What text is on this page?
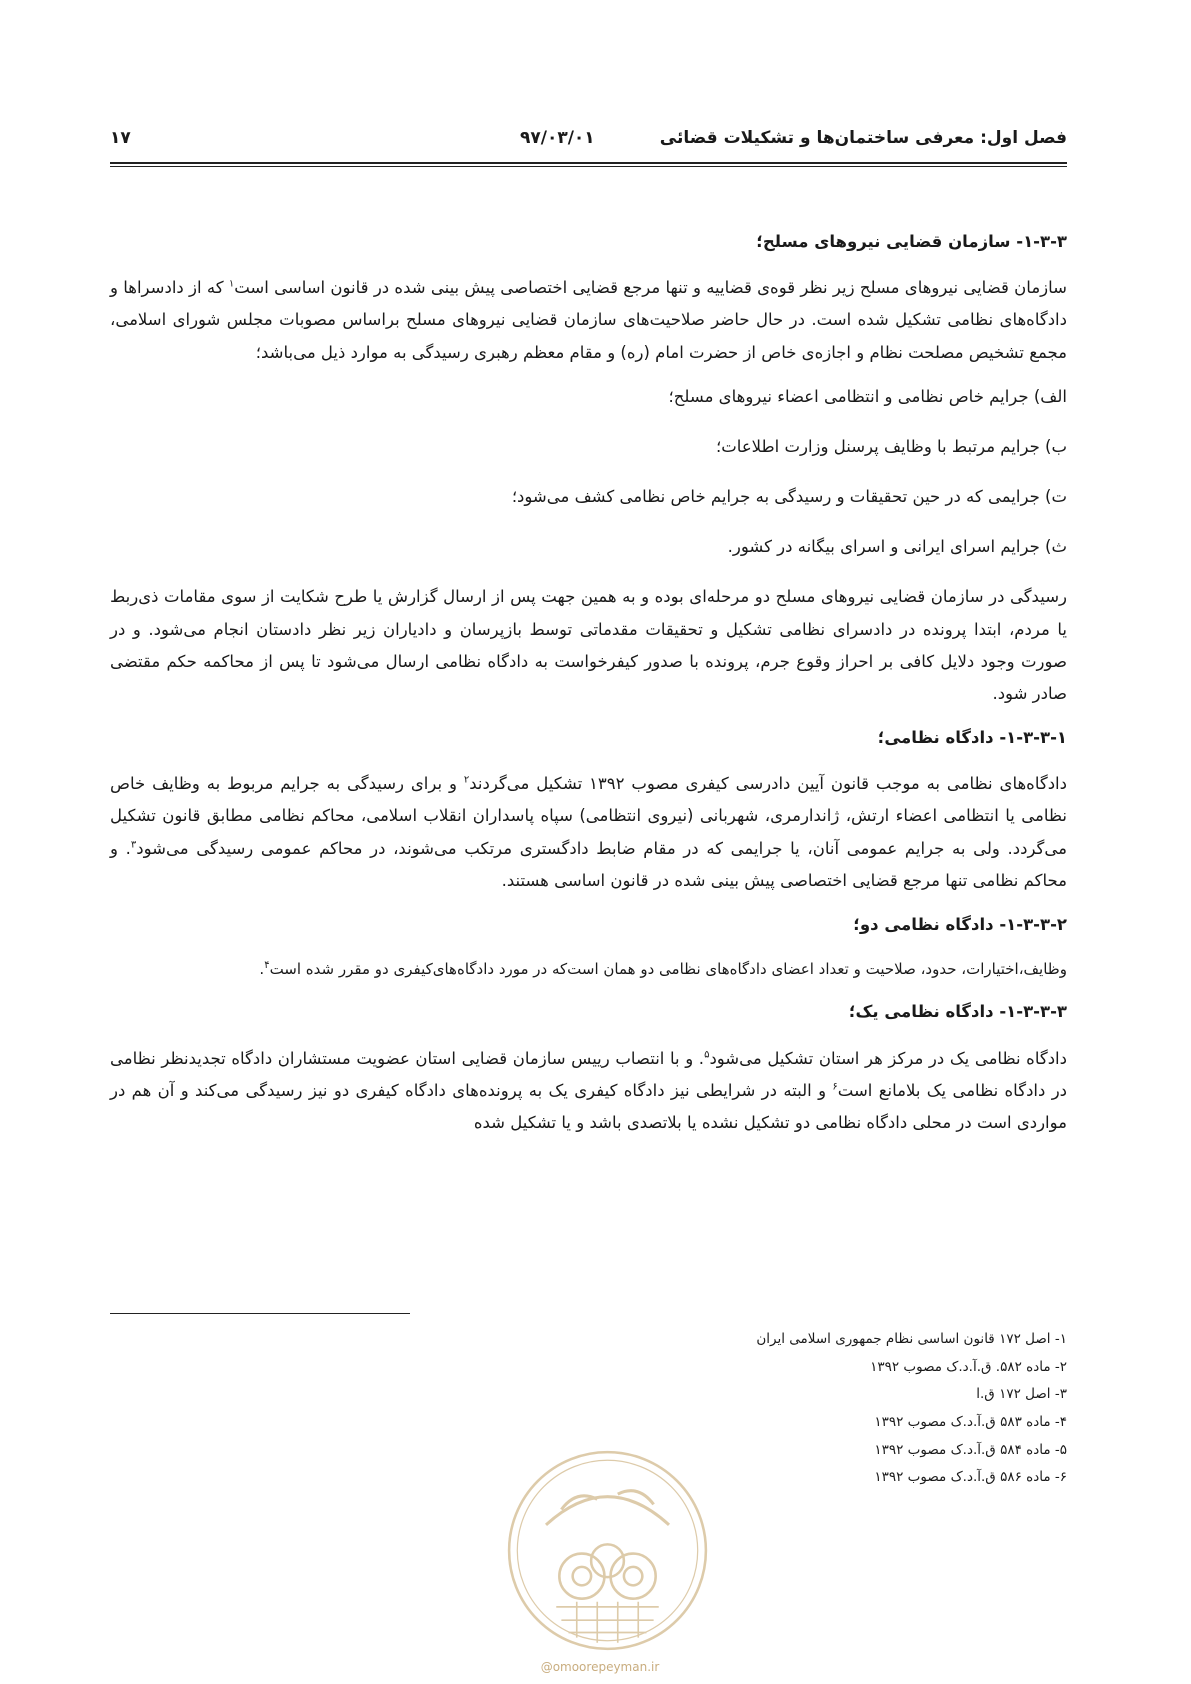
فصل اول: معرفی ساختمان‌ها و تشکیلات قضائی
۹۷/۰۳/۰۱
۱۷

۱-۳-۳- سازمان قضایی نیروهای مسلح؛

سازمان قضایی نیروهای مسلح زیر نظر قوه‌ی قضاییه و تنها مرجع قضایی اختصاصی پیش بینی شده در قانون اساسی است$^۱$ که از دادسراها و دادگاه‌های نظامی تشکیل شده است. در حال حاضر صلاحیت‌های سازمان قضایی نیروهای مسلح براساس مصوبات مجلس شورای اسلامی، مجمع تشخیص مصلحت نظام و اجازه‌ی خاص از حضرت امام (ره) و مقام معظم رهبری رسیدگی به موارد ذیل می‌باشد؛

الف) جرایم خاص نظامی و انتظامی اعضاء نیروهای مسلح؛

ب) جرایم مرتبط با وظایف پرسنل وزارت اطلاعات؛

ت) جرایمی که در حین تحقیقات و رسیدگی به جرایم خاص نظامی کشف می‌شود؛

ث) جرایم اسرای ایرانی و اسرای بیگانه در کشور.

رسیدگی در سازمان قضایی نیروهای مسلح دو مرحله‌ای بوده و به همین جهت پس از ارسال گزارش یا طرح شکایت از سوی مقامات ذی‌ربط یا مردم، ابتدا پرونده در دادسرای نظامی تشکیل و تحقیقات مقدماتی توسط بازپرسان و دادیاران زیر نظر دادستان انجام می‌شود. و در صورت وجود دلایل کافی بر احراز وقوع جرم، پرونده با صدور کیفرخواست به دادگاه نظامی ارسال می‌شود تا پس از محاکمه حکم مقتضی صادر شود.

۱-۳-۳-۱- دادگاه نظامی؛

دادگاه‌های نظامی به موجب قانون آیین دادرسی کیفری مصوب ۱۳۹۲ تشکیل می‌گردند$^۲$ و برای رسیدگی به جرایم مربوط به وظایف خاص نظامی یا انتظامی اعضاء ارتش، ژاندارمری، شهربانی (نیروی انتظامی) سپاه پاسداران انقلاب اسلامی، محاکم نظامی مطابق قانون تشکیل می‌گردد. ولی به جرایم عمومی آنان، یا جرایمی که در مقام ضابط دادگستری مرتکب می‌شوند، در محاکم عمومی رسیدگی می‌شود$^۳$. و محاکم نظامی تنها مرجع قضایی اختصاصی پیش بینی شده در قانون اساسی هستند.

۱-۳-۳-۲- دادگاه نظامی دو؛

وظایف،اختیارات، حدود، صلاحیت و تعداد اعضای دادگاه‌های نظامی دو همان است‌که در مورد دادگاه‌های‌کیفری دو مقرر شده است$^۴$.

۱-۳-۳-۳- دادگاه نظامی یک؛

دادگاه نظامی یک در مرکز هر استان تشکیل می‌شود$^۵$. و با انتصاب رییس سازمان قضایی استان عضویت مستشاران دادگاه تجدیدنظر نظامی در دادگاه نظامی یک بلامانع است$^۶$ و البته در شرایطی نیز دادگاه کیفری یک به پرونده‌های دادگاه کیفری دو نیز رسیدگی می‌کند و آن هم در مواردی است در محلی دادگاه نظامی دو تشکیل نشده یا بلاتصدی باشد و یا تشکیل شده

۱- اصل ۱۷۲ قانون اساسی نظام جمهوری اسلامی ایران
۲- ماده ۵۸۲. ق.آ.د.ک مصوب ۱۳۹۲
۳- اصل ۱۷۲ ق.ا
۴- ماده ۵۸۳ ق.آ.د.ک مصوب ۱۳۹۲
۵- ماده ۵۸۴ ق.آ.د.ک مصوب ۱۳۹۲
۶- ماده ۵۸۶ ق.آ.د.ک مصوب ۱۳۹۲
@omoorepeyman.ir
